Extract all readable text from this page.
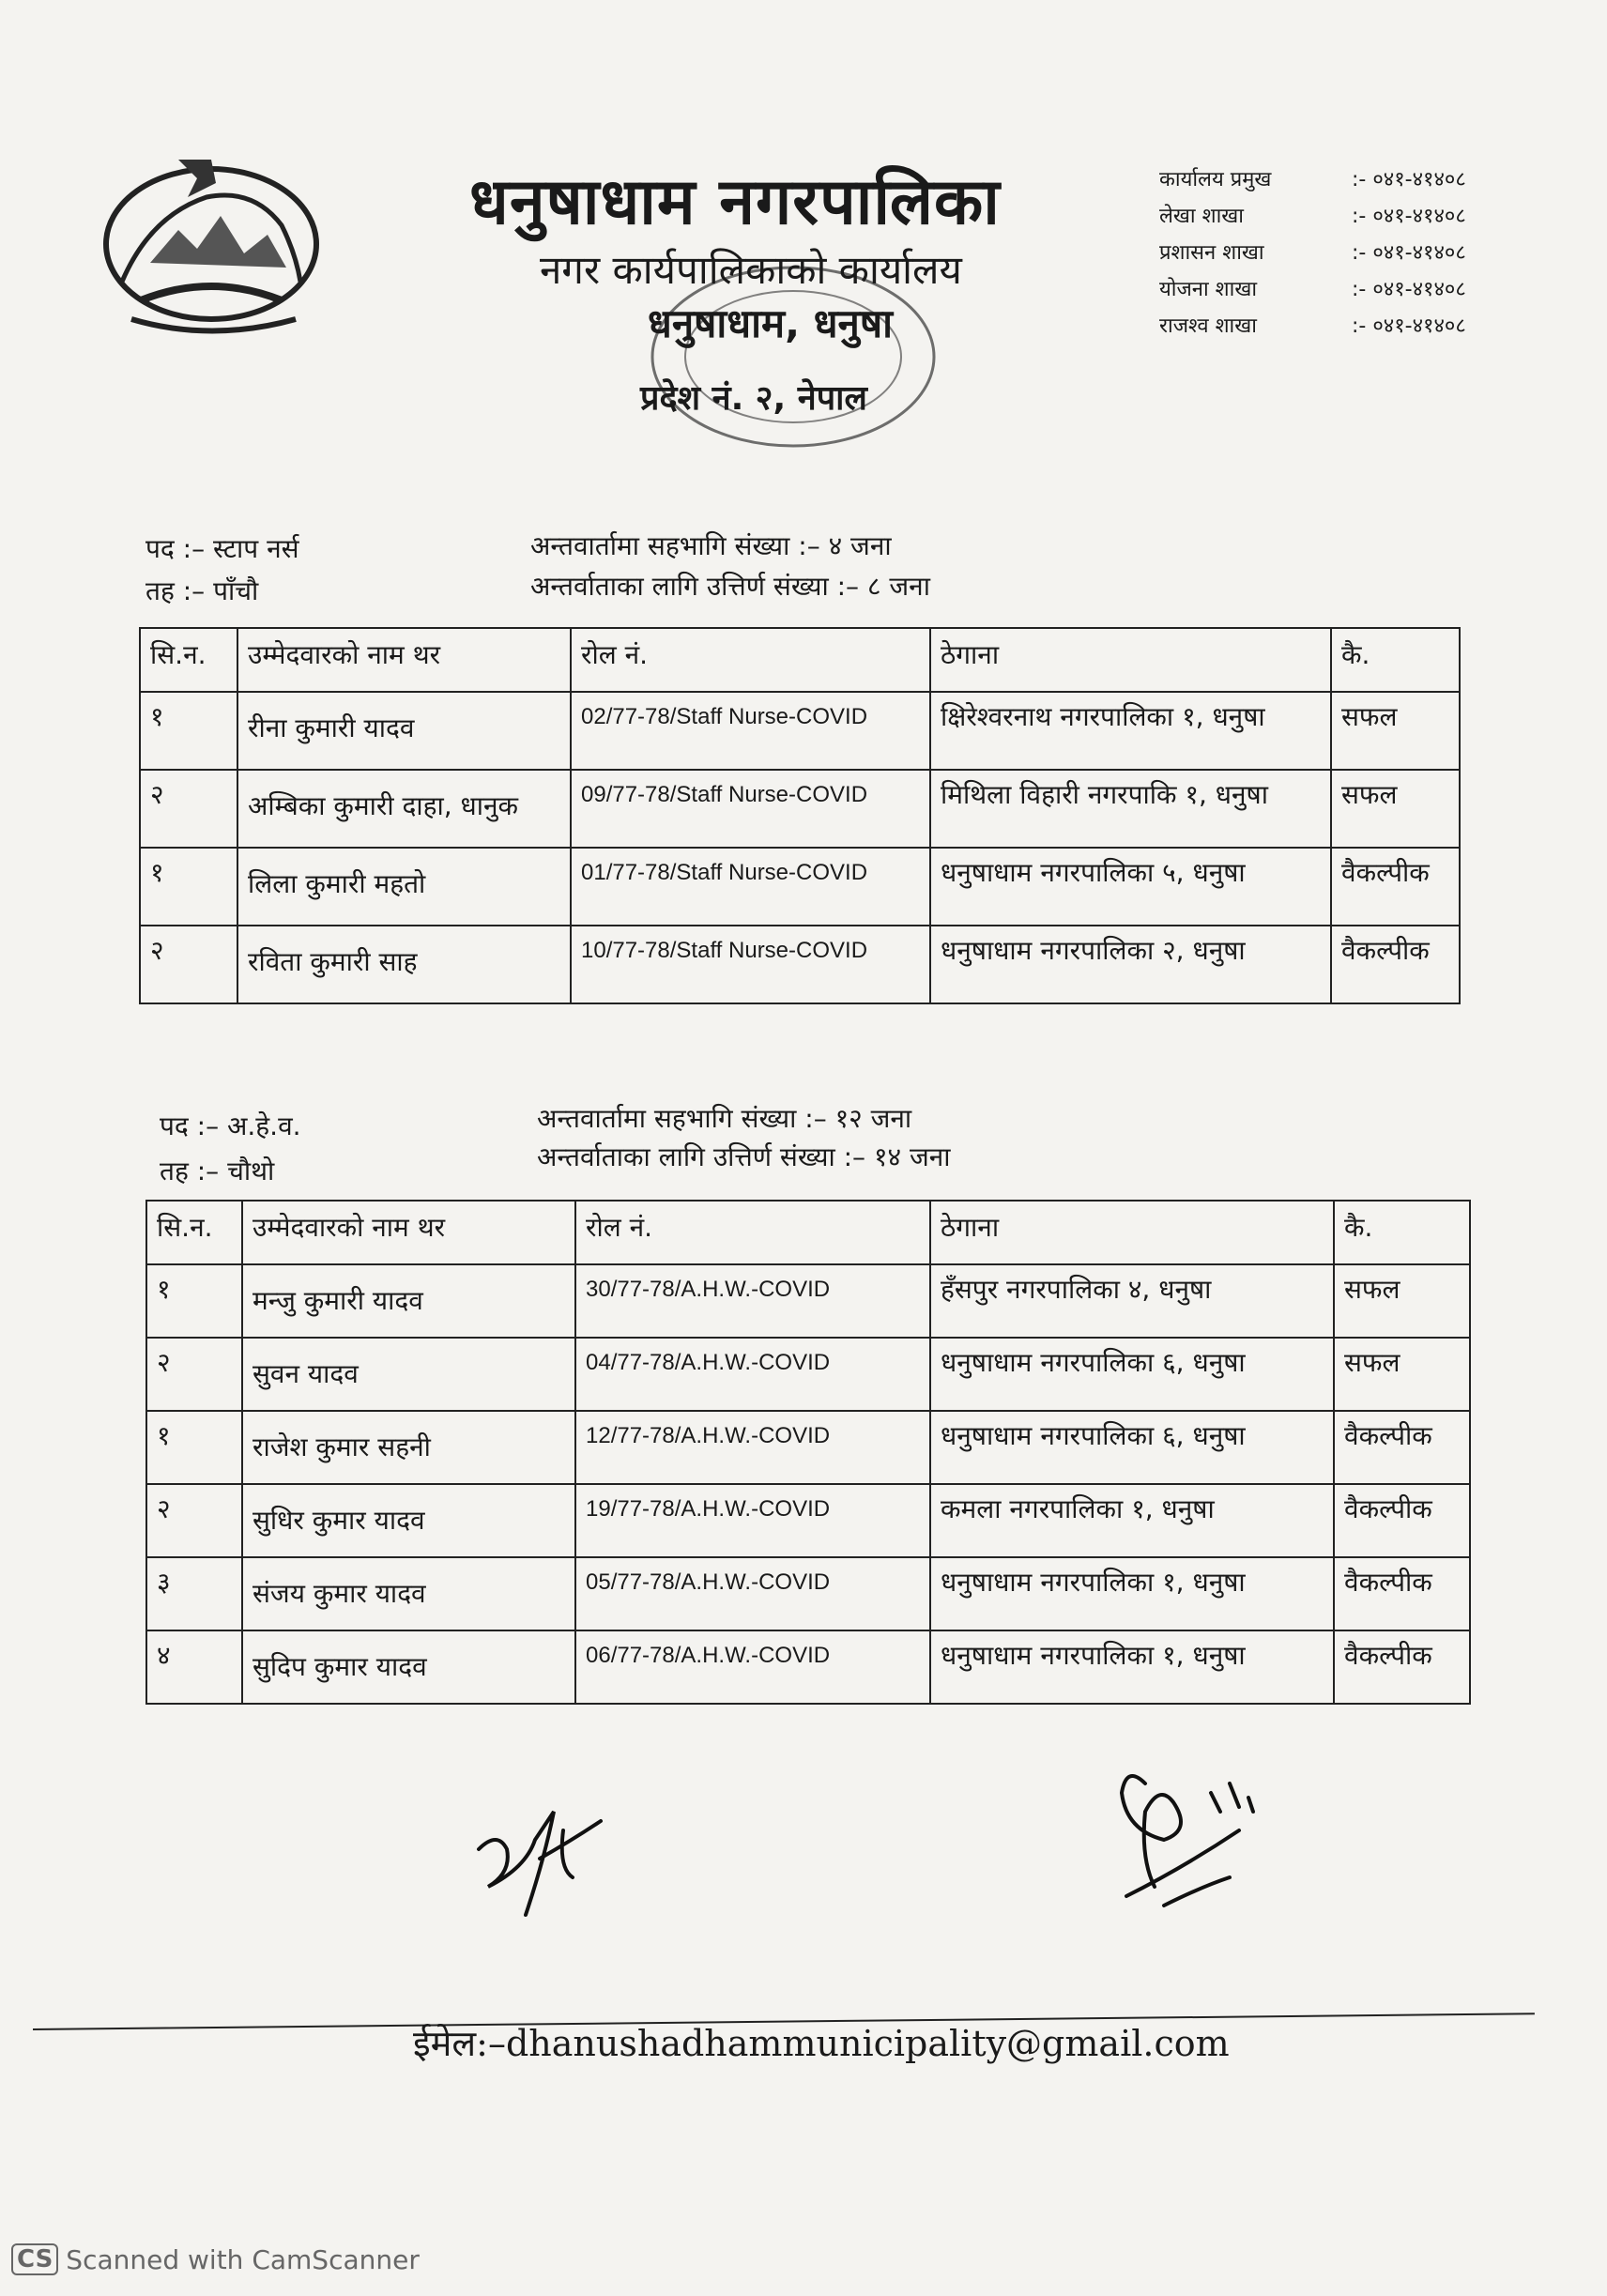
धनुषाधाम नगरपालिका
नगर कार्यपालिकाको कार्यालय
धनुषाधाम, धनुषा
प्रदेश नं. २, नेपाल
कार्यालय प्रमुख	:- ०४१-४१४०८
लेखा शाखा	:- ०४१-४१४०८
प्रशासन शाखा	:- ०४१-४१४०८
योजना शाखा	:- ०४१-४१४०८
राजश्व शाखा	:- ०४१-४१४०८
पद :– स्टाप नर्स
तह :– पाँचौ
अन्तवार्तामा सहभागि संख्या :– ४ जना
अन्तर्वाताका लागि उत्तिर्ण संख्या :– ८ जना
सि.न.	उम्मेदवारको नाम थर	रोल नं.	ठेगाना	कै.
१	रीना कुमारी यादव	02/77-78/Staff Nurse-COVID	क्षिरेश्वरनाथ नगरपालिका १, धनुषा	सफल
२	अम्बिका कुमारी दाहा, धानुक	09/77-78/Staff Nurse-COVID	मिथिला विहारी नगरपाकि १, धनुषा	सफल
१	लिला कुमारी महतो	01/77-78/Staff Nurse-COVID	धनुषाधाम नगरपालिका ५, धनुषा	वैकल्पीक
२	रविता कुमारी साह	10/77-78/Staff Nurse-COVID	धनुषाधाम नगरपालिका २, धनुषा	वैकल्पीक
पद :– अ.हे.व.
तह :– चौथो
अन्तवार्तामा सहभागि संख्या :– १२ जना
अन्तर्वाताका लागि उत्तिर्ण संख्या :– १४ जना
सि.न.	उम्मेदवारको नाम थर	रोल नं.	ठेगाना	कै.
१	मन्जु कुमारी यादव	30/77-78/A.H.W.-COVID	हँसपुर नगरपालिका ४, धनुषा	सफल
२	सुवन यादव	04/77-78/A.H.W.-COVID	धनुषाधाम नगरपालिका ६, धनुषा	सफल
१	राजेश कुमार सहनी	12/77-78/A.H.W.-COVID	धनुषाधाम नगरपालिका ६, धनुषा	वैकल्पीक
२	सुधिर कुमार यादव	19/77-78/A.H.W.-COVID	कमला नगरपालिका १, धनुषा	वैकल्पीक
३	संजय कुमार यादव	05/77-78/A.H.W.-COVID	धनुषाधाम नगरपालिका १, धनुषा	वैकल्पीक
४	सुदिप कुमार यादव	06/77-78/A.H.W.-COVID	धनुषाधाम नगरपालिका १, धनुषा	वैकल्पीक
ईमेल:–dhanushadhammunicipality@gmail.com
CS Scanned with CamScanner
